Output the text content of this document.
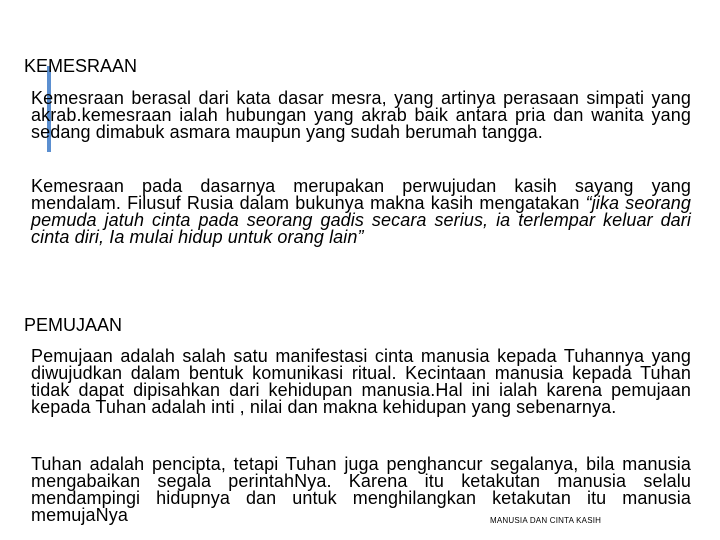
KEMESRAAN

Kemesraan berasal dari kata dasar mesra, yang artinya perasaan simpati yang akrab.kemesraan ialah hubungan yang akrab baik antara pria dan wanita yang sedang dimabuk asmara maupun yang sudah berumah tangga.

Kemesraan pada dasarnya merupakan perwujudan kasih sayang yang mendalam. Filusuf Rusia dalam bukunya makna kasih mengatakan “jika seorang pemuda jatuh cinta pada seorang gadis secara serius, ia terlempar keluar dari cinta diri, Ia mulai hidup untuk orang lain”

PEMUJAAN

Pemujaan adalah salah satu manifestasi cinta manusia kepada Tuhannya yang diwujudkan dalam bentuk komunikasi ritual. Kecintaan manusia kepada Tuhan tidak dapat dipisahkan dari kehidupan manusia.Hal ini ialah karena pemujaan kepada Tuhan adalah inti , nilai dan makna kehidupan yang sebenarnya.

Tuhan adalah pencipta, tetapi Tuhan juga penghancur segalanya, bila manusia mengabaikan segala perintahNya. Karena itu ketakutan manusia selalu mendampingi hidupnya dan untuk menghilangkan ketakutan itu manusia memujaNya	MANUSIA DAN CINTA KASIH
